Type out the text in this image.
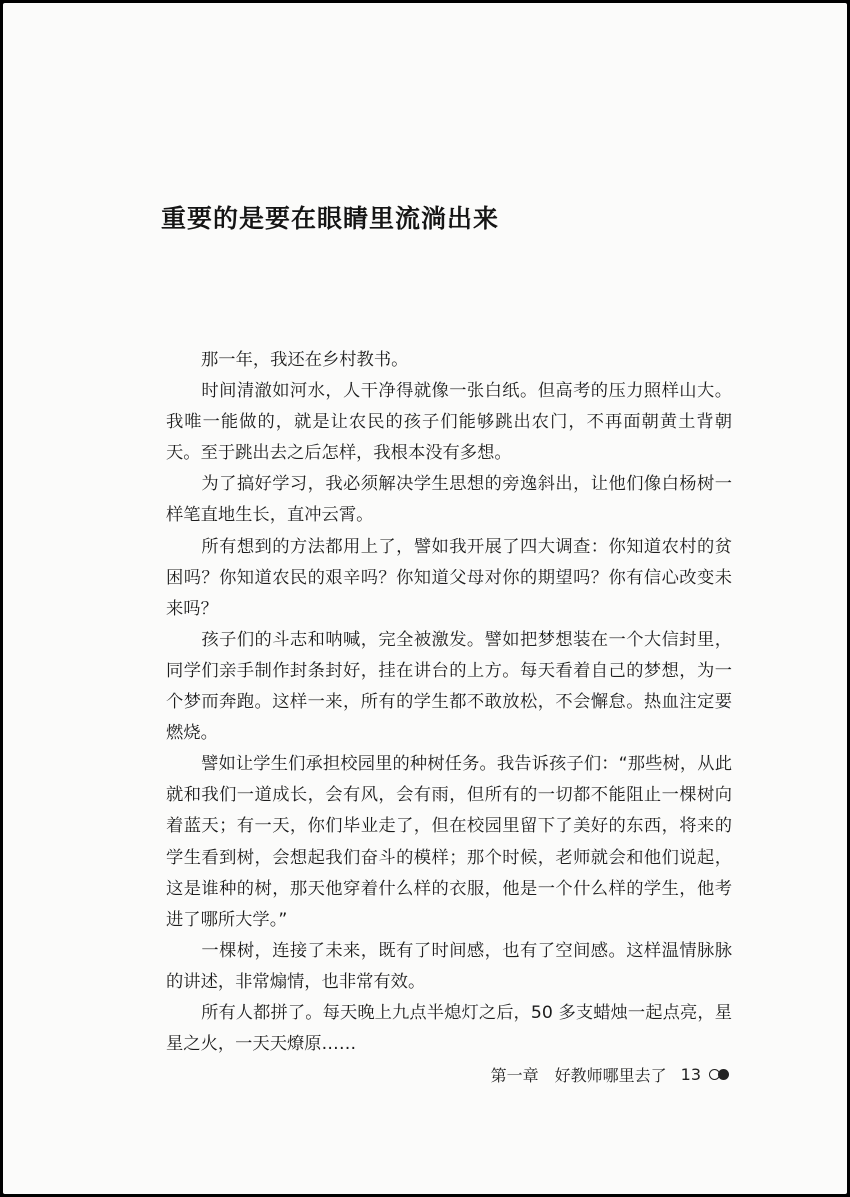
重要的是要在眼睛里流淌出来

那一年，我还在乡村教书。

时间清澈如河水，人干净得就像一张白纸。但高考的压力照样山大。我唯一能做的，就是让农民的孩子们能够跳出农门，不再面朝黄土背朝天。至于跳出去之后怎样，我根本没有多想。

为了搞好学习，我必须解决学生思想的旁逸斜出，让他们像白杨树一样笔直地生长，直冲云霄。

所有想到的方法都用上了，譬如我开展了四大调查：你知道农村的贫困吗？你知道农民的艰辛吗？你知道父母对你的期望吗？你有信心改变未来吗？

孩子们的斗志和呐喊，完全被激发。譬如把梦想装在一个大信封里，同学们亲手制作封条封好，挂在讲台的上方。每天看着自己的梦想，为一个梦而奔跑。这样一来，所有的学生都不敢放松，不会懈怠。热血注定要燃烧。

譬如让学生们承担校园里的种树任务。我告诉孩子们：“那些树，从此就和我们一道成长，会有风，会有雨，但所有的一切都不能阻止一棵树向着蓝天；有一天，你们毕业走了，但在校园里留下了美好的东西，将来的学生看到树，会想起我们奋斗的模样；那个时候，老师就会和他们说起，这是谁种的树，那天他穿着什么样的衣服，他是一个什么样的学生，他考进了哪所大学。”

一棵树，连接了未来，既有了时间感，也有了空间感。这样温情脉脉的讲述，非常煽情，也非常有效。

所有人都拼了。每天晚上九点半熄灯之后，50 多支蜡烛一起点亮，星星之火，一天天燎原……

第一章　好教师哪里去了 13
